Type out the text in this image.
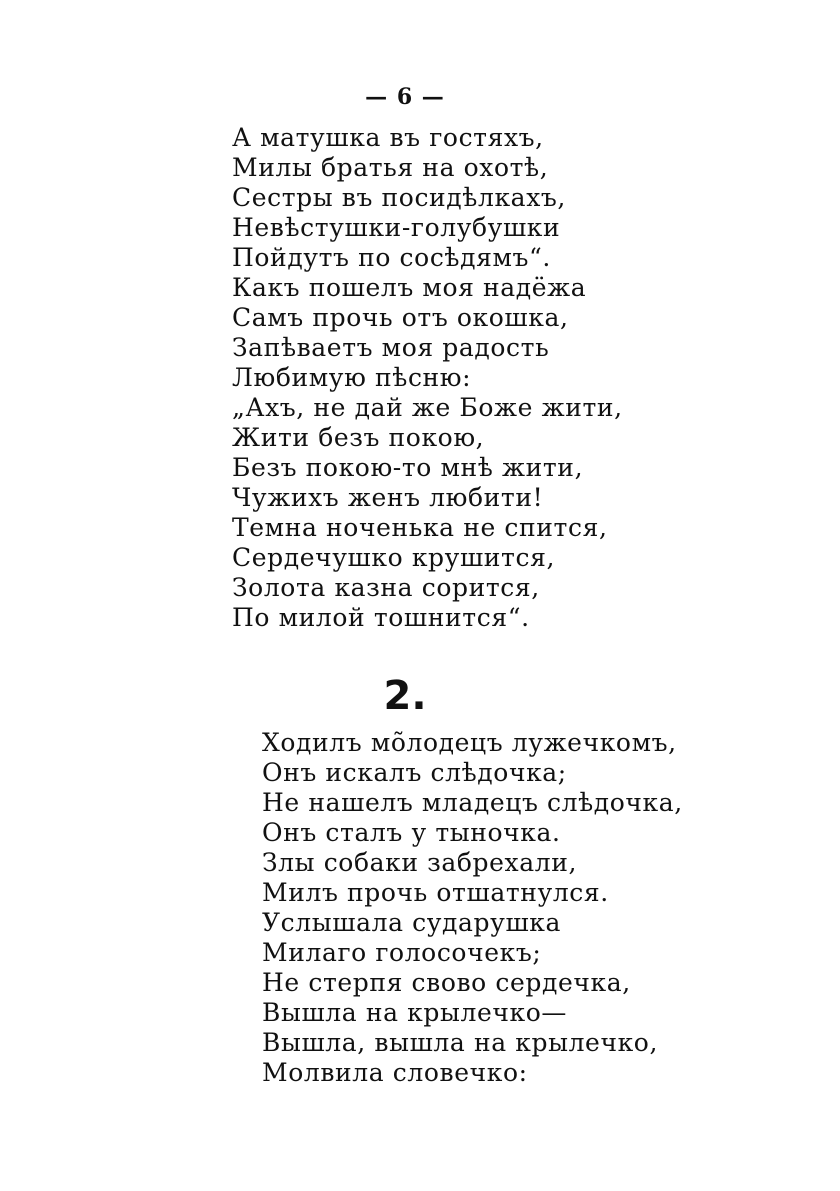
— 6 —
А матушка въ гостяхъ,
Милы братья на охотѣ,
Сестры въ посидѣлкахъ,
Невѣстушки-голубушки
Пойдутъ по сосѣдямъ“.
Какъ пошелъ моя надёжа
Самъ прочь отъ окошка,
Запѣваетъ моя радость
Любимую пѣсню:
„Ахъ, не дай же Боже жити,
Жити безъ покою,
Безъ покою-то мнѣ жити,
Чужихъ женъ любити!
Темна ноченька не спится,
Сердечушко крушится,
Золота казна сорится,
По милой тошнится“.
2.
Ходилъ мõлодецъ лужечкомъ,
Онъ искалъ слѣдочка;
Не нашелъ младецъ слѣдочка,
Онъ сталъ у тыночка.
Злы собаки забрехали,
Милъ прочь отшатнулся.
Услышала сударушка
Милаго голосочекъ;
Не стерпя свово сердечка,
Вышла на крылечко—
Вышла, вышла на крылечко,
Молвила словечко:
